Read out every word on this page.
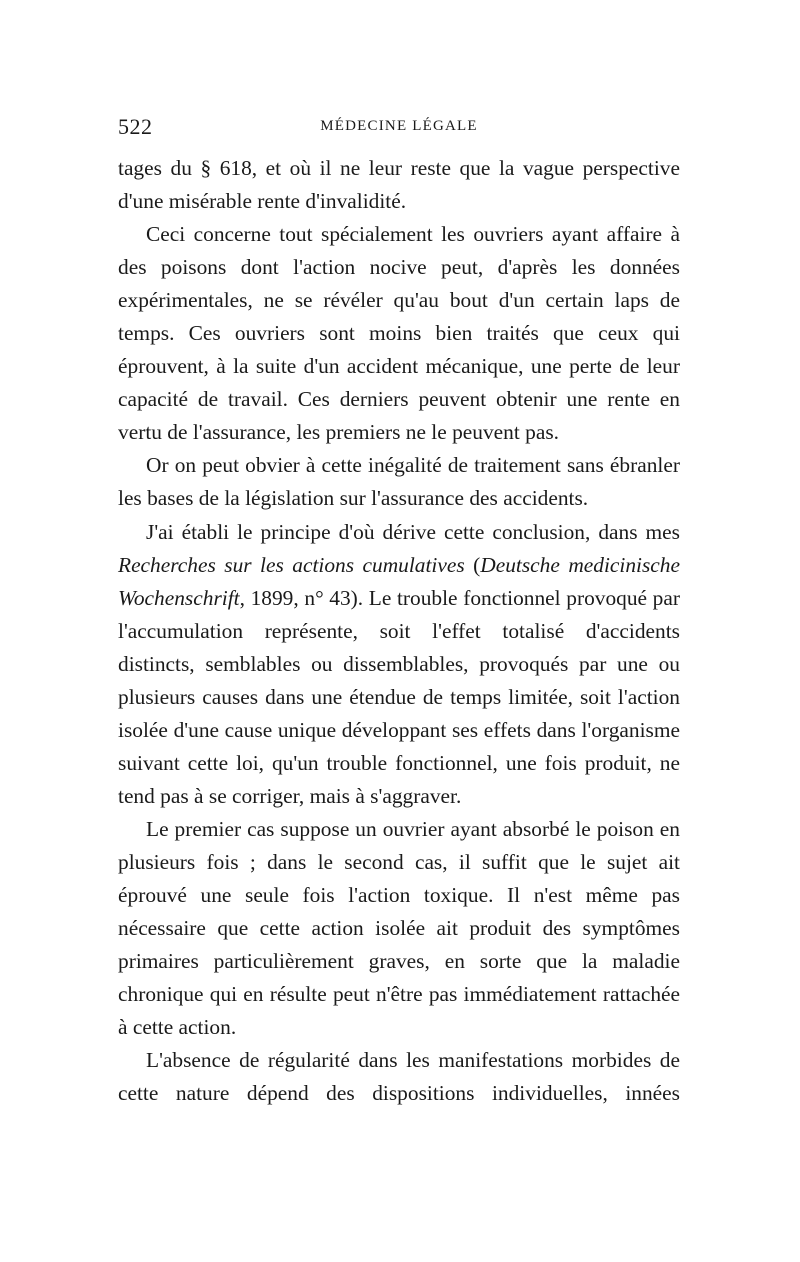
522	MÉDECINE LÉGALE

tages du § 618, et où il ne leur reste que la vague perspective d'une misérable rente d'invalidité.

Ceci concerne tout spécialement les ouvriers ayant affaire à des poisons dont l'action nocive peut, d'après les données expérimentales, ne se révéler qu'au bout d'un certain laps de temps. Ces ouvriers sont moins bien traités que ceux qui éprouvent, à la suite d'un accident mécanique, une perte de leur capacité de travail. Ces derniers peuvent obtenir une rente en vertu de l'assurance, les premiers ne le peuvent pas.

Or on peut obvier à cette inégalité de traitement sans ébranler les bases de la législation sur l'assurance des accidents.

J'ai établi le principe d'où dérive cette conclusion, dans mes Recherches sur les actions cumulatives (Deutsche medicinische Wochenschrift, 1899, n° 43). Le trouble fonctionnel provoqué par l'accumulation représente, soit l'effet totalisé d'accidents distincts, semblables ou dissemblables, provoqués par une ou plusieurs causes dans une étendue de temps limitée, soit l'action isolée d'une cause unique développant ses effets dans l'organisme suivant cette loi, qu'un trouble fonctionnel, une fois produit, ne tend pas à se corriger, mais à s'aggraver.

Le premier cas suppose un ouvrier ayant absorbé le poison en plusieurs fois ; dans le second cas, il suffit que le sujet ait éprouvé une seule fois l'action toxique. Il n'est même pas nécessaire que cette action isolée ait produit des symptômes primaires particulièrement graves, en sorte que la maladie chronique qui en résulte peut n'être pas immédiatement rattachée à cette action.

L'absence de régularité dans les manifestations morbides de cette nature dépend des dispositions individuelles, innées
